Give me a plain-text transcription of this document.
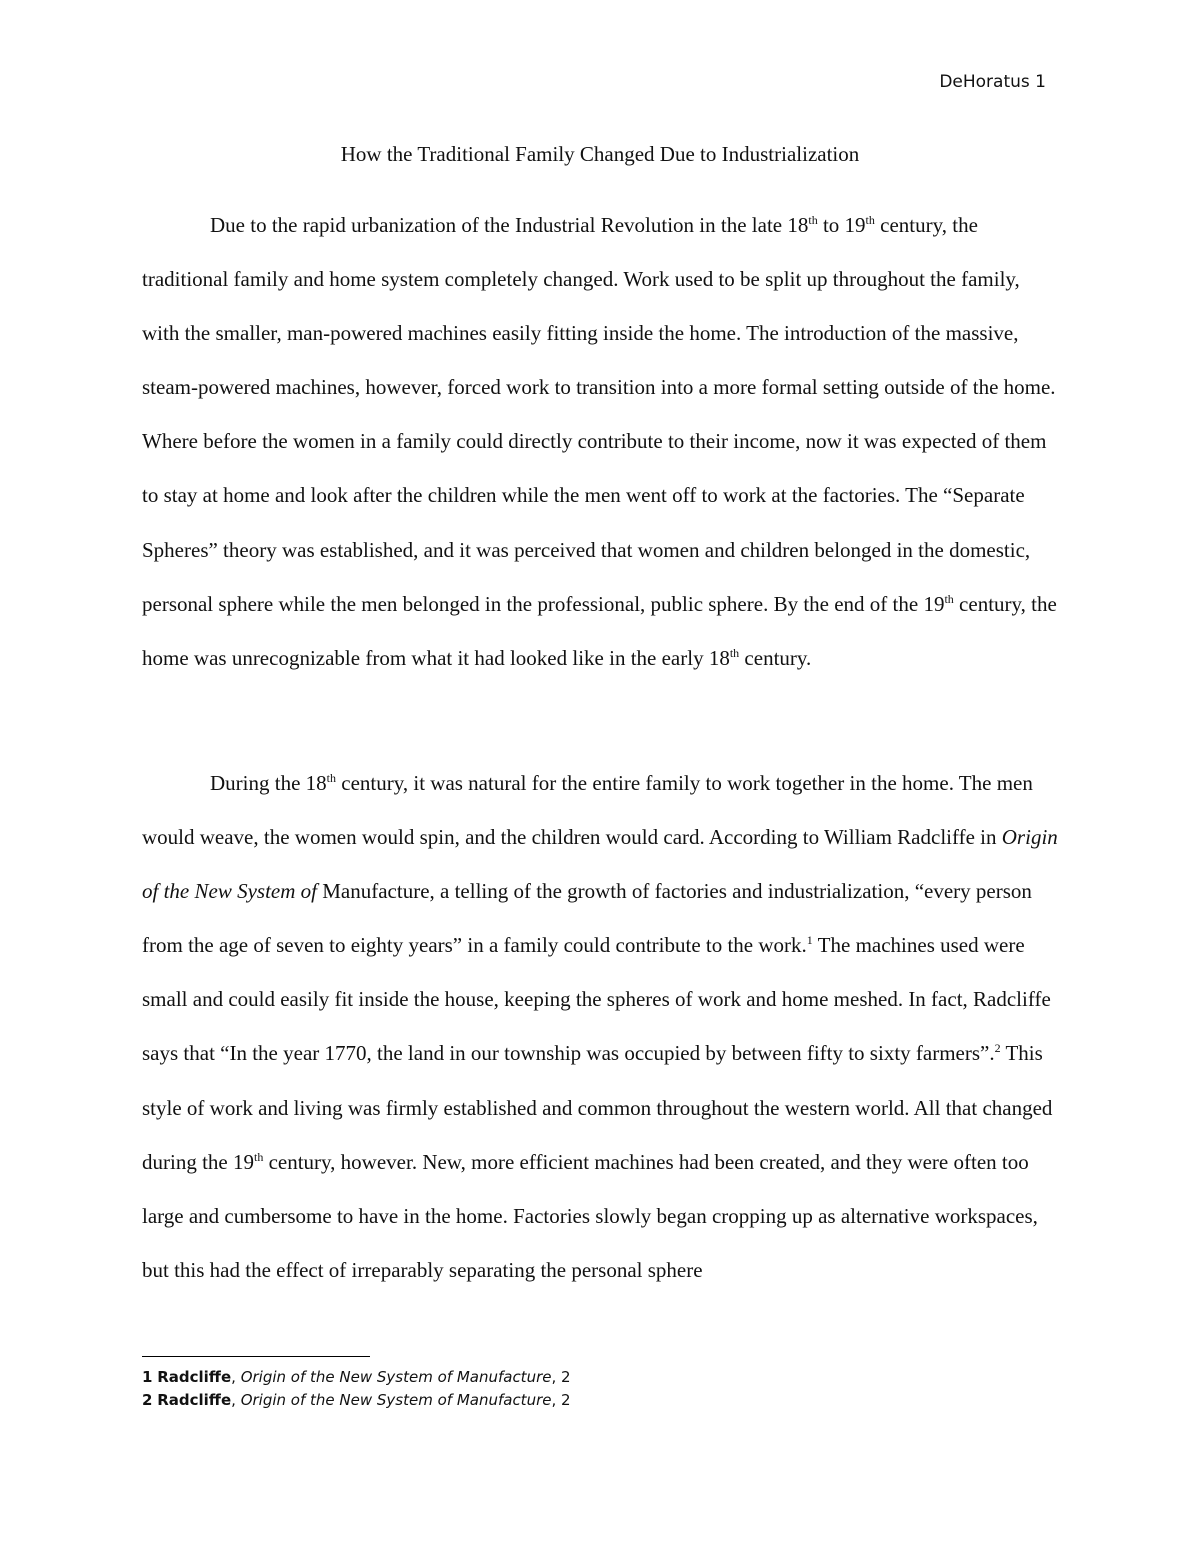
DeHoratus 1
How the Traditional Family Changed Due to Industrialization

Due to the rapid urbanization of the Industrial Revolution in the late 18th to 19th century, the traditional family and home system completely changed. Work used to be split up throughout the family, with the smaller, man-powered machines easily fitting inside the home. The introduction of the massive, steam-powered machines, however, forced work to transition into a more formal setting outside of the home. Where before the women in a family could directly contribute to their income, now it was expected of them to stay at home and look after the children while the men went off to work at the factories. The “Separate Spheres” theory was established, and it was perceived that women and children belonged in the domestic, personal sphere while the men belonged in the professional, public sphere. By the end of the 19th century, the home was unrecognizable from what it had looked like in the early 18th century.

During the 18th century, it was natural for the entire family to work together in the home. The men would weave, the women would spin, and the children would card. According to William Radcliffe in Origin of the New System of Manufacture, a telling of the growth of factories and industrialization, “every person from the age of seven to eighty years” in a family could contribute to the work.$^1$ The machines used were small and could easily fit inside the house, keeping the spheres of work and home meshed. In fact, Radcliffe says that “In the year 1770, the land in our township was occupied by between fifty to sixty farmers”.$^2$ This style of work and living was firmly established and common throughout the western world. All that changed during the 19th century, however. New, more efficient machines had been created, and they were often too large and cumbersome to have in the home. Factories slowly began cropping up as alternative workspaces, but this had the effect of irreparably separating the personal sphere

1 Radcliffe, Origin of the New System of Manufacture, 2
2 Radcliffe, Origin of the New System of Manufacture, 2
